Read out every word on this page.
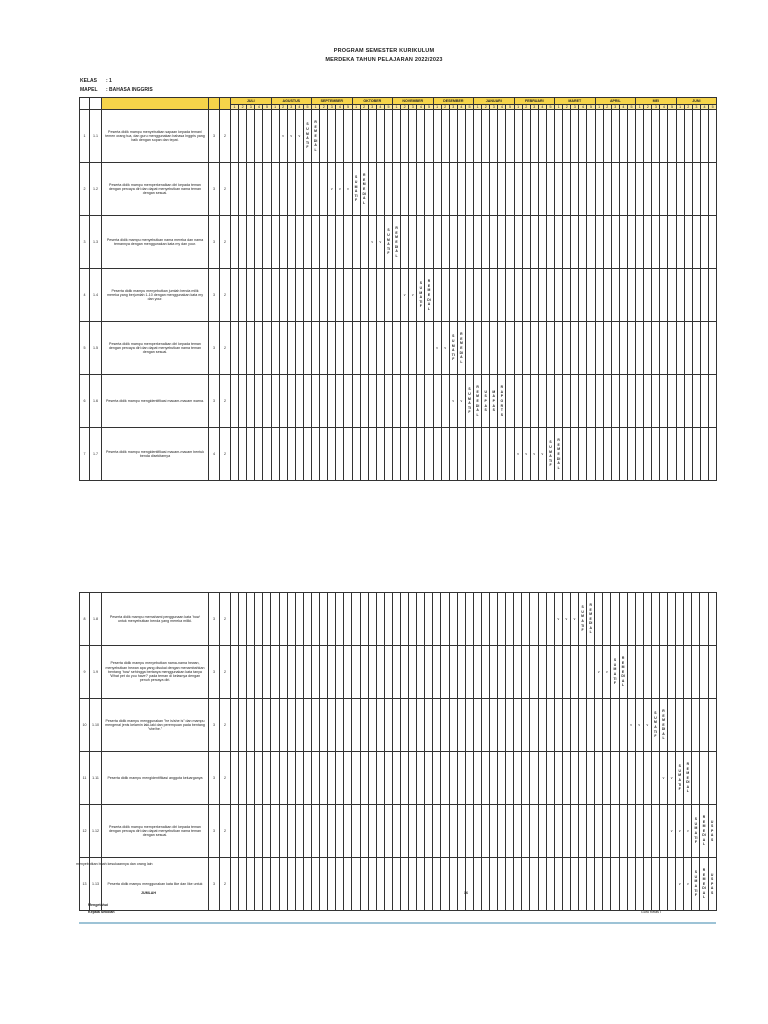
PROGRAM SEMESTER KURIKULUM
MERDEKA TAHUN PELAJARAN 2022/2023
KELAS : 1
MAPEL : BAHASA INGGRIS
					JULI	AGUSTUS	SEPTEMBER	OKTOBER	NOVEMBER	DESEMBER	JANUARI	FEBRUARI	MARET	APRIL	MEI	JUNI
1	2	3	4	5	1	2	3	4	5	1	2	3	4	5	1	2	3	4	5	1	2	3	4	5	1	2	3	4	5	1	2	3	4	5	1	2	3	4	5	1	2	3	4	5	1	2	3	4	5	1	2	3	4	5	1	2	3	4	5
1	1.1	Peserta didik mampu menyebutkan sapaan kepada teman/ temen orang tua, dan guru menggunakan bahasa Inggris yang baik dengan sopan dan tepat.	3	2							v	v	v	SUMATIF	REMEDIAL																																																	
2	1.2	Peserta didik mampu memperkenalkan diri kepada teman dengan percaya diri dan dapat menyebutkan nama teman dengan sesuai.	3	2													v	v	v	SUMATIF	REMEDIAL																																											
3	1.3	Peserta didik mampu menyebutkan nama mereka dan nama temannya dengan menggunakan kata my dan your.	3	2																		v	v	SUMATIF	REMEDIAL																																							
4	1.4	Peserta didik mampu menyebutkan jumlah benda milik mereka yang berjumlah 1-10 dengan menggunakan kata my dan your.	3	2																						v	v	SUMATIF	REMEDIAL																																			
5	1.5	Peserta didik mampu memperkenalkan diri kepada teman dengan percaya diri dan dapat menyebutkan nama teman dengan sesuai.	3	2																										v	v	SUMATIF	REMEDIAL																															
6	1.6	Peserta didik mampu mengidentifikasi macam-macam warna.	3	2																												v	v	SUMATIF	REMEDIAL	USPAS	MAPAS	RAPORTS																										
7	1.7	Peserta didik mampu mengidentifikasi macam-macam bentuk benda disekitarnya	4	2																																				v	v	v	v	SUMATIF	REMEDIAL																			
8	1.8	Peserta didik mampu memahami penggunaan kata 'how' untuk menyebutkan benda yang mereka miliki.	3	2																																									v	v	v	SUMATIF	REMEDIAL															
9	1.9	Peserta didik mampu menyebutkan nama-nama hewan, menyebutkan hewan apa yang disukai dengan menambahkan bentang 'how' sehingga bertanya menggunakan kata tanya 'What pet do you have?' pada teman di kelasnya dengan penuh percaya diri.	3	2																																														v	v	SUMATIF	REMEDIAL											
10	1.10	Peserta didik mampu menggunakan "he is/she is" dan mampu mengenal jenis kelamin laki-laki dan perempuan pada bentang "she/he."	3	2																																																		v	v	v	SUMATIF	REMEDIAL						
11	1.11	Peserta didik mampu mengidentifikasi anggota keluarganya	3	2																																																						v	v	SUMATIF	REMEDIAL			
12	1.12	Peserta didik mampu memperkenalkan diri kepada teman dengan percaya diri dan dapat menyebutkan nama teman dengan sesuai.	3	2																																																							v	v	v	SUMATIF	REMEDIAL	USPAS
13	1.13	Peserta didik mampu menggunakan kata like dan like untuk	3	2																																																								v	v	SUMATIF	REMEDIAL	USPAS
menyebutkan buah kesukaannya dan orang lain
JUMLAH	36
Mengetahui
Kepala Sekolah	Guru Kelas I
